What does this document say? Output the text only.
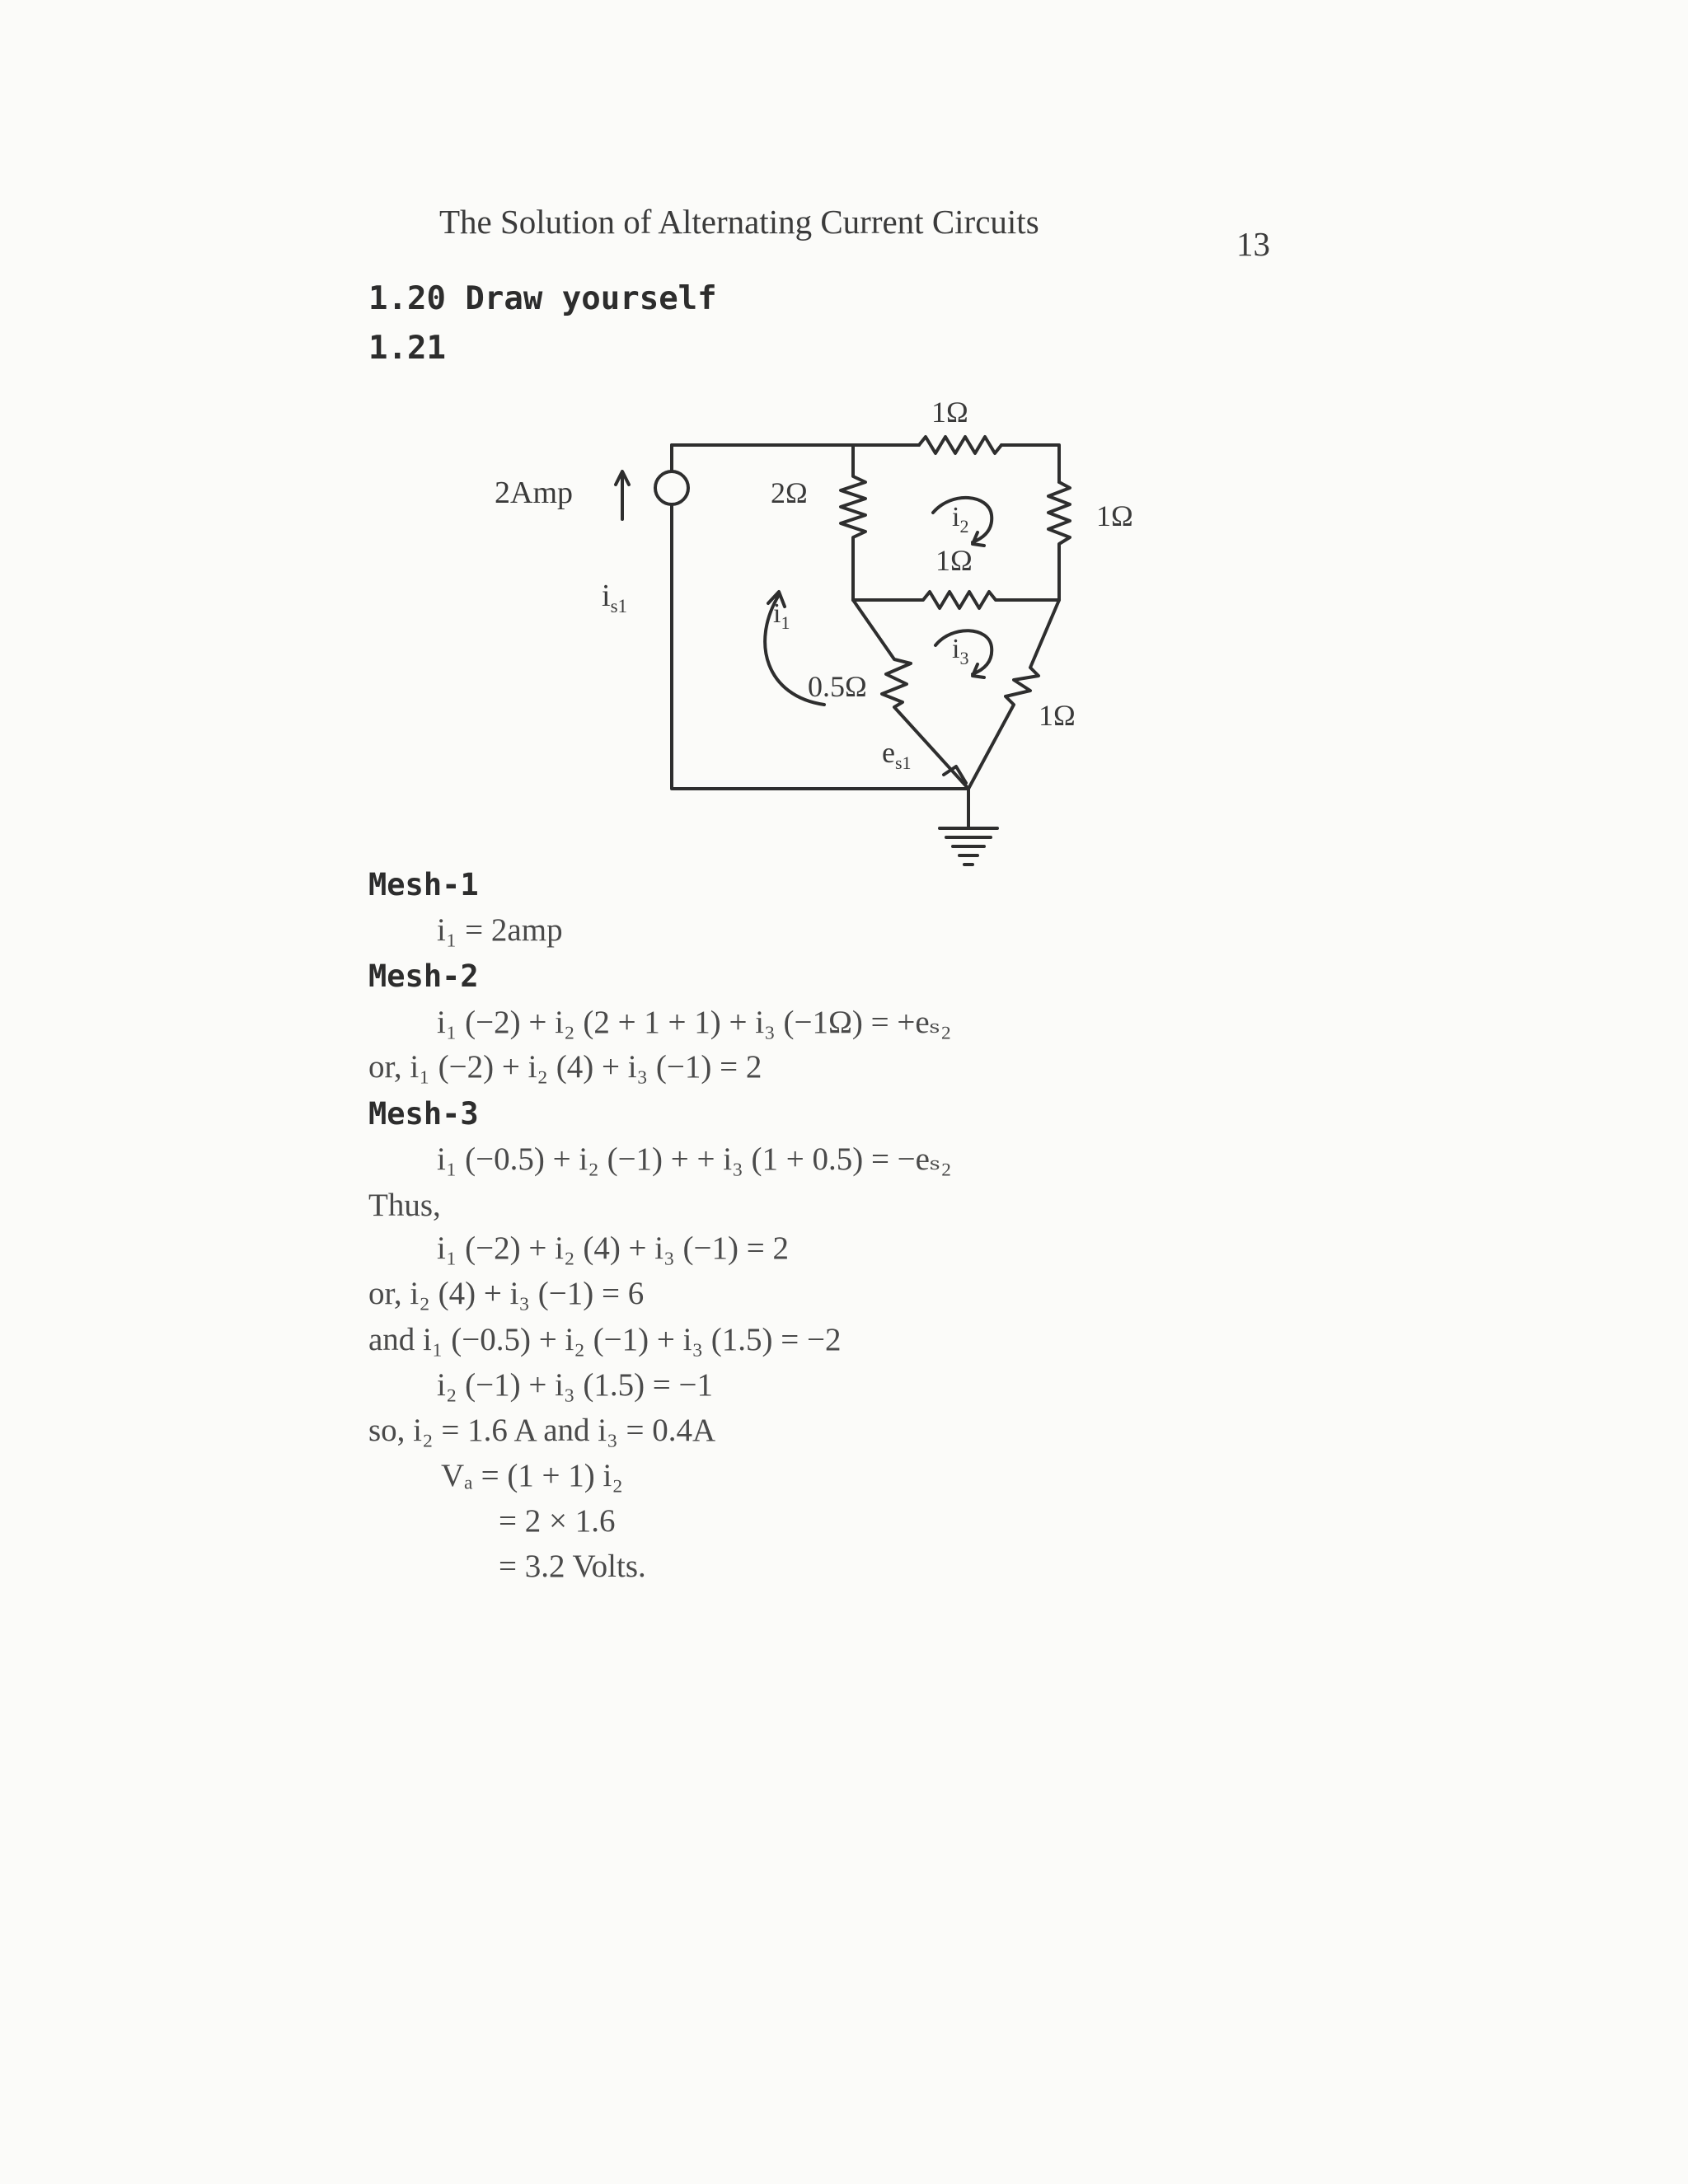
The Solution of Alternating Current Circuits
13
1.20 Draw yourself
1.21
2Amp
$i_{s1}$
2Ω
1Ω
1Ω
1Ω
0.5Ω
1Ω
$e_{s1}$
$i_1$
$i_2$
$i_3$
Mesh-1
i₁ = 2amp
Mesh-2
i₁ (−2) + i₂ (2 + 1 + 1) + i₃ (−1Ω) = +eₛ₂
or, i₁ (−2) + i₂ (4) + i₃ (−1) = 2
Mesh-3
i₁ (−0.5) + i₂ (−1) + + i₃ (1 + 0.5) = −eₛ₂
Thus,
i₁ (−2) + i₂ (4) + i₃ (−1) = 2
or, i₂ (4) + i₃ (−1) = 6
and i₁ (−0.5) + i₂ (−1) + i₃ (1.5) = −2
i₂ (−1) + i₃ (1.5) = −1
so, i₂ = 1.6 A and i₃ = 0.4A
Vₐ = (1 + 1) i₂
= 2 × 1.6
= 3.2 Volts.
